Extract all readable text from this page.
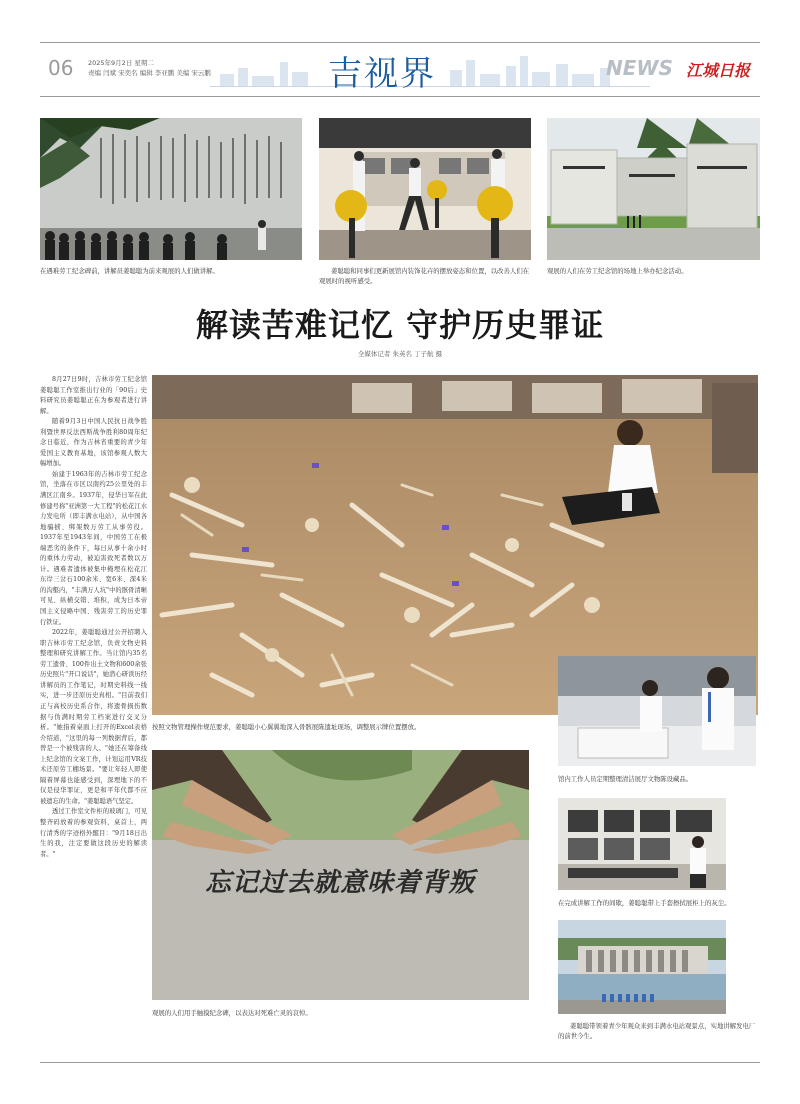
06 2025年9月2日 星期二
责编 闫斌 宋奕名 编辑 李亚鹏 美编 宋云鹏	吉视界	NEWS 江城日报
在遇难劳工纪念碑前，讲解员姜聪聪为前来观展的人们做讲解。	姜聪聪和同事们更新展馆内装饰花卉的摆放姿态和位置，以改善人们在观展时的视听感受。
观展的人们在劳工纪念馆的场地上举办纪念活动。
解读苦难记忆 守护历史罪证
全媒体记者 朱英名 丁子航 摄

8月27日9时，吉林市劳工纪念馆姜聪聪工作室推出行业的「90后」史料研究员姜聪聪正在为参观者进行讲解。

随着9月3日中国人民抗日战争胜利暨世界反法西斯战争胜利80周年纪念日临近，作为吉林省重要的青少年爱国主义教育基地，该馆参观人数大幅增加。

始建于1963年的吉林市劳工纪念馆，坐落在市区以南约25公里处的丰满区江南乡。1937年，侵华日军在此修建号称"亚洲第一大工程"的松花江水力发电所（即丰满水电站），从中国各地骗掳、绑架数万劳工从事劳役。1937年至1943年间，中国劳工在极端恶劣的条件下，每日从事十余小时的重体力劳动，被迫害致死者数以万计。遇难者遗体被集中掩埋在松花江东岸三岔石100余米、宽6米、深4米的沟壑内，"丰满万人坑"中的骸骨清晰可见、纵横交错、堆积，成为日本帝国主义侵略中国、残害劳工的历史罪行铁证。

2022年，姜聪聪通过公开招聘入职吉林市劳工纪念馆，负责文物史料整理和研究讲解工作。当让馆内35名劳工遗骨、100件出土文物和600余张历史照片"开口说话"，她潜心研读历经讲解员的工作笔记，时期史料线一线实，进一步还原历史真相。"目前我们正与高校历史系合作，将遗骨损伤数据与伪满时期劳工档案进行交叉分析。"她指着桌面上打开的Excel表格介绍道，"这里的每一列数据背后，都曾是一个被残害的人。"她还在筹备线上纪念馆的文案工作，计划运用VR技术还原劳工棚场景。"要让年轻人即使隔着屏幕也能感受到，深埋地下的不仅是侵华罪证，更是和平年代都不应被遗忘的生命。"姜聪聪语气坚定。

透过工作室文件柜的玻璃门，可见整齐码放着的参观资料，桌首上，两行清秀的字迹格外醒目："9月18日出生的我，注定要做这段历史的解读者。"

按照文物管理操作规范要求，姜聪聪小心翼翼地深入骨骸展陈遗址现场，调整展示牌位置摆放。
忘记过去就意味着背叛
观展的人们用手触摸纪念碑，以表达对死难亡灵的哀悼。
馆内工作人员定期整理清洁展厅文物陈设藏品。
在完成讲解工作的间歇，姜聪聪带上手套擦拭展柜上的灰尘。
姜聪聪带领着青少年观众来到丰满水电站观景点，实地讲解发电厂的前世今生。
